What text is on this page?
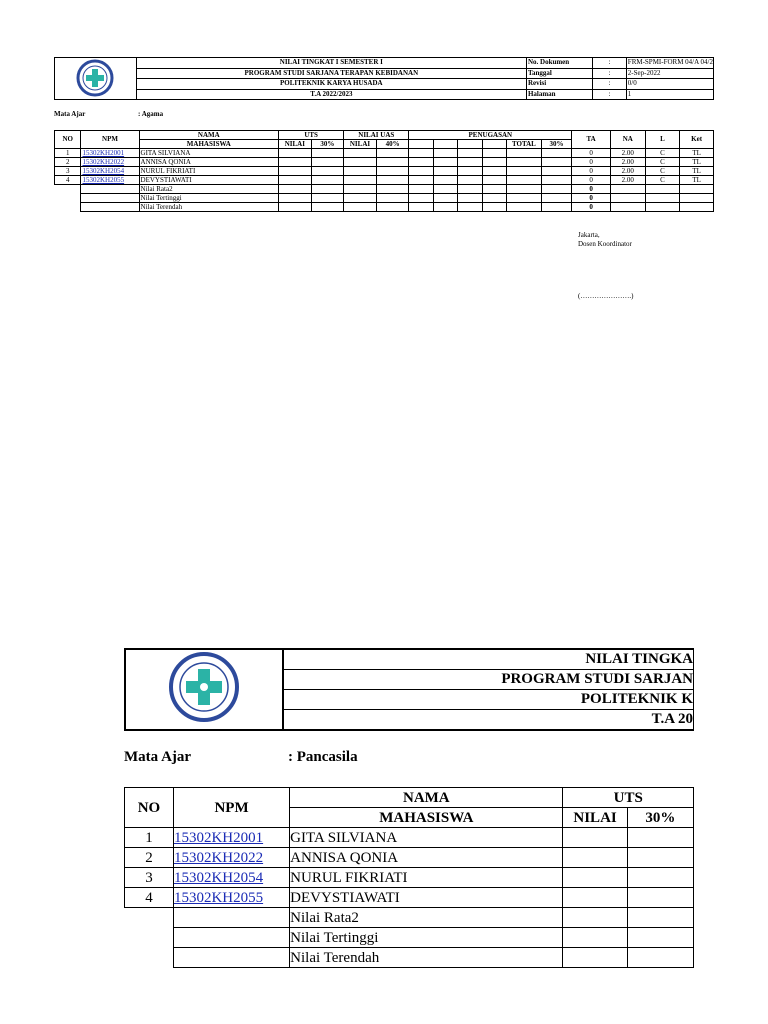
	NILAI TINGKAT I SEMESTER I	No. Dokumen	:	FRM-SPMI-FORM 04/A 04/2
	PROGRAM STUDI SARJANA TERAPAN KEBIDANAN	Tanggal	:	2-Sep-2022
	POLITEKNIK KARYA HUSADA	Revisi	:	0/0
	T.A 2022/2023	Halaman	:	1
Mata Ajar	: Agama
NO	NPM	NAMA	UTS		NILAI UAS		PENUGASAN						TA	NA	L	Ket
		MAHASISWA	NILAI	30%	NILAI	40%					TOTAL	30%				
1	15302KH2001	GITA SILVIANA											0	2.00	C	TL
2	15302KH2022	ANNISA QONIA											0	2.00	C	TL
3	15302KH2054	NURUL FIKRIATI											0	2.00	C	TL
4	15302KH2055	DEVYSTIAWATI											0	2.00	C	TL
		Nilai Rata2											0			
		Nilai Tertinggi											0			
		Nilai Terendah											0			
Jakarta,
Dosen Koordinator
(………………….)
	NILAI TINGKA
PROGRAM STUDI SARJAN
POLITEKNIK K
T.A 20
Mata Ajar	: Pancasila
NO	NPM	NAMA	UTS	
		MAHASISWA	NILAI	30%
1	15302KH2001	GITA SILVIANA		
2	15302KH2022	ANNISA QONIA		
3	15302KH2054	NURUL FIKRIATI		
4	15302KH2055	DEVYSTIAWATI		
		Nilai Rata2		
		Nilai Tertinggi		
		Nilai Terendah		
